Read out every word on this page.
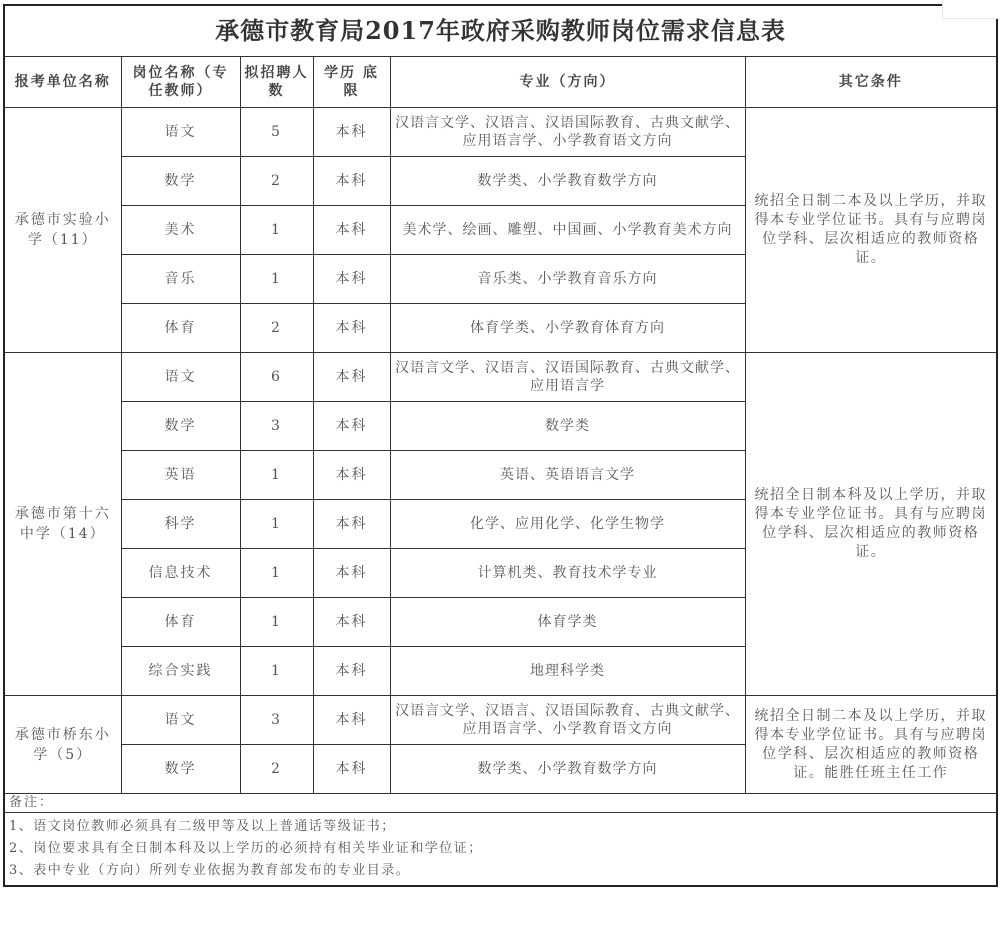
承德市教育局2017年政府采购教师岗位需求信息表					
报考单位名称	岗位名称（专任教师）	拟招聘人数	学历 底限	专业（方向）	其它条件
承德市实验小学（11）	语文	5	本科	汉语言文学、汉语言、汉语国际教育、古典文献学、应用语言学、小学教育语文方向	统招全日制二本及以上学历，并取得本专业学位证书。具有与应聘岗位学科、层次相适应的教师资格证。
	数学	2	本科	数学类、小学教育数学方向	
	美术	1	本科	美术学、绘画、雕塑、中国画、小学教育美术方向	
	音乐	1	本科	音乐类、小学教育音乐方向	
	体育	2	本科	体育学类、小学教育体育方向	
承德市第十六中学（14）	语文	6	本科	汉语言文学、汉语言、汉语国际教育、古典文献学、应用语言学	统招全日制本科及以上学历，并取得本专业学位证书。具有与应聘岗位学科、层次相适应的教师资格证。
	数学	3	本科	数学类	
	英语	1	本科	英语、英语语言文学	
	科学	1	本科	化学、应用化学、化学生物学	
	信息技术	1	本科	计算机类、教育技术学专业	
	体育	1	本科	体育学类	
	综合实践	1	本科	地理科学类	
承德市桥东小学（5）	语文	3	本科	汉语言文学、汉语言、汉语国际教育、古典文献学、应用语言学、小学教育语文方向	统招全日制二本及以上学历，并取得本专业学位证书。具有与应聘岗位学科、层次相适应的教师资格证。能胜任班主任工作
	数学	2	本科	数学类、小学教育数学方向	
备注：					

1、语文岗位教师必须具有二级甲等及以上普通话等级证书；
2、岗位要求具有全日制本科及以上学历的必须持有相关毕业证和学位证；
3、表中专业（方向）所列专业依据为教育部发布的专业目录。					
